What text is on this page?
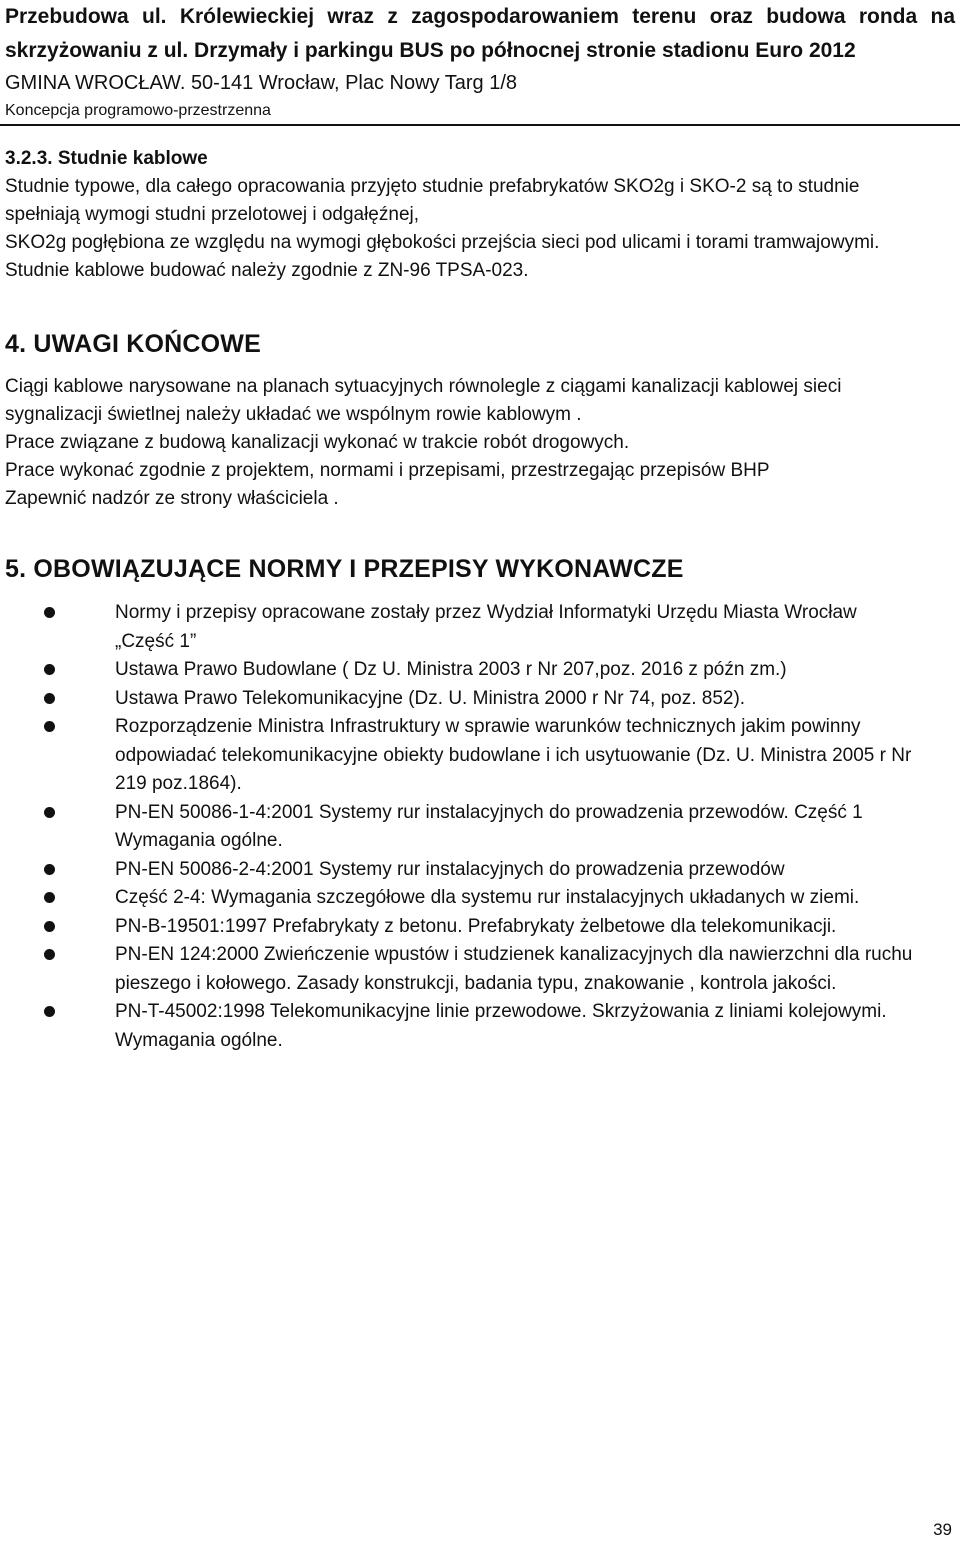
Przebudowa ul. Królewieckiej wraz z zagospodarowaniem terenu oraz budowa ronda na

skrzyżowaniu z ul. Drzymały i parkingu BUS po północnej stronie stadionu Euro 2012

GMINA WROCŁAW. 50-141 Wrocław, Plac Nowy Targ 1/8

Koncepcja programowo-przestrzenna

3.2.3. Studnie kablowe

Studnie typowe, dla całego opracowania przyjęto studnie prefabrykatów SKO2g i SKO-2 są to studnie

spełniają wymogi studni przelotowej i odgałęźnej,

SKO2g pogłębiona ze względu na wymogi głębokości przejścia sieci pod ulicami i torami tramwajowymi.

Studnie kablowe budować należy zgodnie z ZN-96 TPSA-023.

4. UWAGI KOŃCOWE

Ciągi kablowe narysowane na planach sytuacyjnych równolegle z ciągami kanalizacji kablowej sieci

sygnalizacji świetlnej należy układać we wspólnym rowie kablowym .

Prace związane z budową kanalizacji wykonać w trakcie robót drogowych.

Prace wykonać zgodnie z projektem, normami i przepisami, przestrzegając przepisów BHP

Zapewnić nadzór ze strony właściciela .

5. OBOWIĄZUJĄCE NORMY I PRZEPISY WYKONAWCZE

Normy i przepisy opracowane zostały przez Wydział Informatyki Urzędu Miasta Wrocław
„Część 1”
Ustawa Prawo Budowlane ( Dz U. Ministra 2003 r Nr 207,poz. 2016 z późn zm.)
Ustawa Prawo Telekomunikacyjne (Dz. U. Ministra 2000 r Nr 74, poz. 852).
Rozporządzenie Ministra Infrastruktury w sprawie warunków technicznych jakim powinny
odpowiadać telekomunikacyjne obiekty budowlane i ich usytuowanie (Dz. U. Ministra 2005 r Nr
219 poz.1864).
PN-EN 50086-1-4:2001 Systemy rur instalacyjnych do prowadzenia przewodów. Część 1
Wymagania ogólne.
PN-EN 50086-2-4:2001 Systemy rur instalacyjnych do prowadzenia przewodów
Część 2-4: Wymagania szczegółowe dla systemu rur instalacyjnych układanych w ziemi.
PN-B-19501:1997 Prefabrykaty z betonu. Prefabrykaty żelbetowe dla telekomunikacji.
PN-EN 124:2000 Zwieńczenie wpustów i studzienek kanalizacyjnych dla nawierzchni dla ruchu
pieszego i kołowego. Zasady konstrukcji, badania typu, znakowanie , kontrola jakości.
PN-T-45002:1998 Telekomunikacyjne linie przewodowe. Skrzyżowania z liniami kolejowymi.
Wymagania ogólne.
39
